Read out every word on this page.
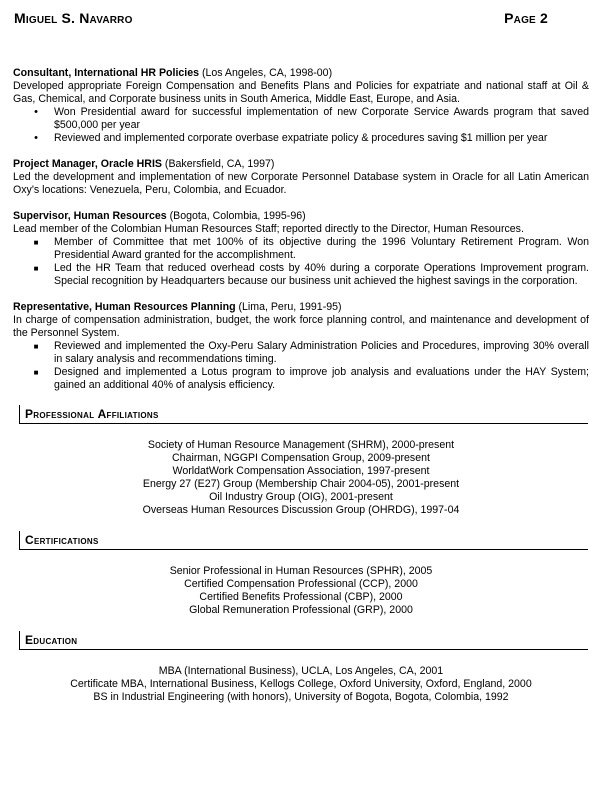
Miguel S. Navarro	Page 2
Consultant, International HR Policies (Los Angeles, CA, 1998-00)
Developed appropriate Foreign Compensation and Benefits Plans and Policies for expatriate and national staff at Oil & Gas, Chemical, and Corporate business units in South America, Middle East, Europe, and Asia.
• Won Presidential award for successful implementation of new Corporate Service Awards program that saved $500,000 per year
• Reviewed and implemented corporate overbase expatriate policy & procedures saving $1 million per year
Project Manager, Oracle HRIS (Bakersfield, CA, 1997)
Led the development and implementation of new Corporate Personnel Database system in Oracle for all Latin American Oxy's locations: Venezuela, Peru, Colombia, and Ecuador.
Supervisor, Human Resources (Bogota, Colombia, 1995-96)
Lead member of the Colombian Human Resources Staff; reported directly to the Director, Human Resources.
■ Member of Committee that met 100% of its objective during the 1996 Voluntary Retirement Program. Won Presidential Award granted for the accomplishment.
■ Led the HR Team that reduced overhead costs by 40% during a corporate Operations Improvement program. Special recognition by Headquarters because our business unit achieved the highest savings in the corporation.
Representative, Human Resources Planning (Lima, Peru, 1991-95)
In charge of compensation administration, budget, the work force planning control, and maintenance and development of the Personnel System.
■ Reviewed and implemented the Oxy-Peru Salary Administration Policies and Procedures, improving 30% overall in salary analysis and recommendations timing.
■ Designed and implemented a Lotus program to improve job analysis and evaluations under the HAY System; gained an additional 40% of analysis efficiency.
Professional Affiliations
Society of Human Resource Management (SHRM), 2000-present
Chairman, NGGPI Compensation Group, 2009-present
WorldatWork Compensation Association, 1997-present
Energy 27 (E27) Group (Membership Chair 2004-05), 2001-present
Oil Industry Group (OIG), 2001-present
Overseas Human Resources Discussion Group (OHRDG), 1997-04
Certifications
Senior Professional in Human Resources (SPHR), 2005
Certified Compensation Professional (CCP), 2000
Certified Benefits Professional (CBP), 2000
Global Remuneration Professional (GRP), 2000
Education
MBA (International Business), UCLA, Los Angeles, CA, 2001
Certificate MBA, International Business, Kellogs College, Oxford University, Oxford, England, 2000
BS in Industrial Engineering (with honors), University of Bogota, Bogota, Colombia, 1992
